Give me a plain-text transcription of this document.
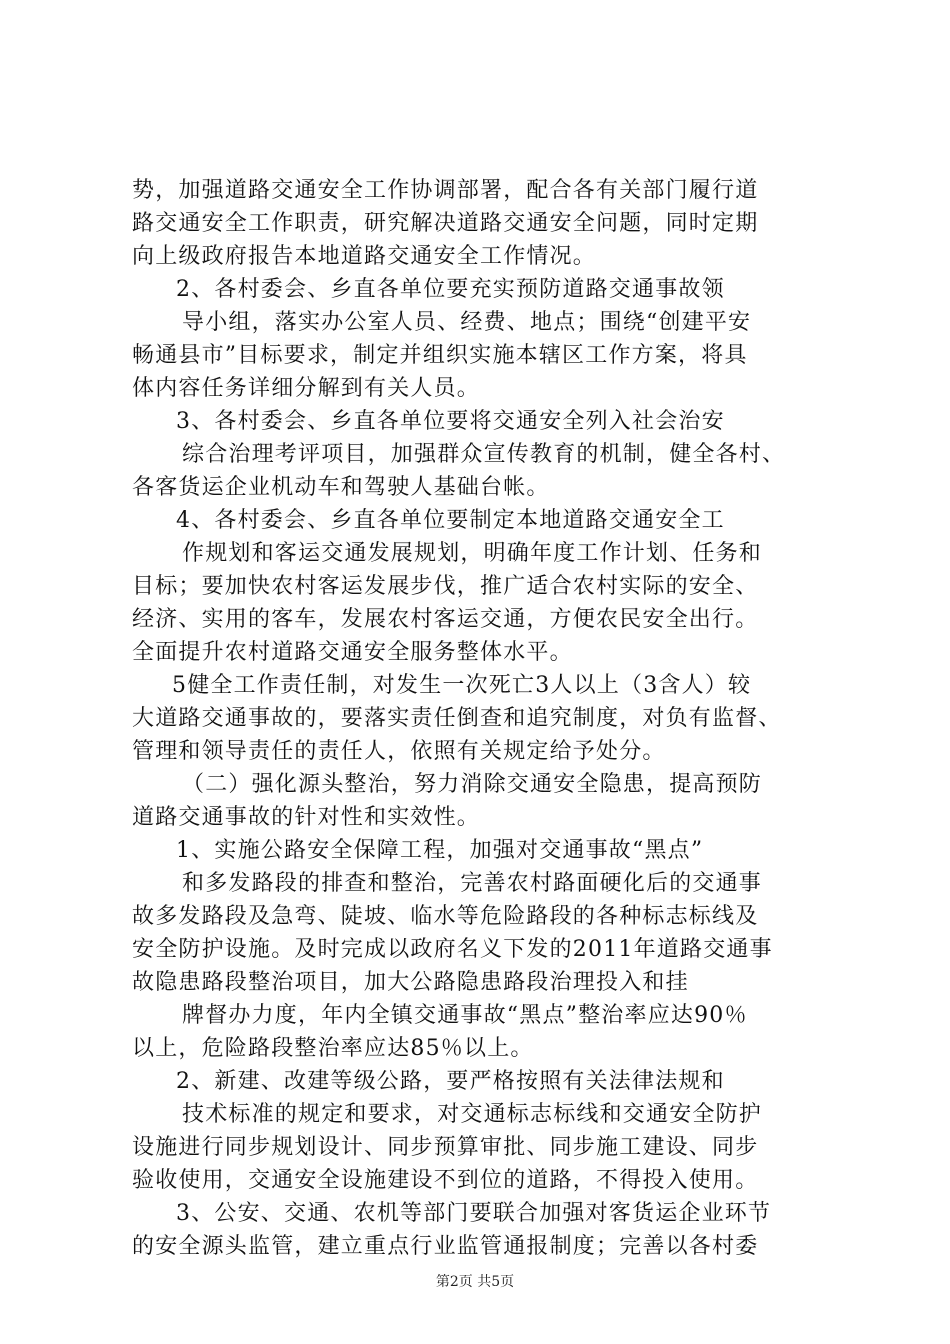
势，加强道路交通安全工作协调部署，配合各有关部门履行道
路交通安全工作职责，研究解决道路交通安全问题，同时定期
向上级政府报告本地道路交通安全工作情况。
2、各村委会、乡直各单位要充实预防道路交通事故领
导小组，落实办公室人员、经费、地点；围绕“创建平安
畅通县市”目标要求，制定并组织实施本辖区工作方案，将具
体内容任务详细分解到有关人员。
3、各村委会、乡直各单位要将交通安全列入社会治安
综合治理考评项目，加强群众宣传教育的机制，健全各村、
各客货运企业机动车和驾驶人基础台帐。
4、各村委会、乡直各单位要制定本地道路交通安全工
作规划和客运交通发展规划，明确年度工作计划、任务和
目标；要加快农村客运发展步伐，推广适合农村实际的安全、
经济、实用的客车，发展农村客运交通，方便农民安全出行。
全面提升农村道路交通安全服务整体水平。
5健全工作责任制，对发生一次死亡3人以上（3含人）较
大道路交通事故的，要落实责任倒查和追究制度，对负有监督、
管理和领导责任的责任人，依照有关规定给予处分。
（二）强化源头整治，努力消除交通安全隐患，提高预防
道路交通事故的针对性和实效性。
1、实施公路安全保障工程，加强对交通事故“黑点”
和多发路段的排查和整治，完善农村路面硬化后的交通事
故多发路段及急弯、陡坡、临水等危险路段的各种标志标线及
安全防护设施。及时完成以政府名义下发的2011年道路交通事
故隐患路段整治项目，加大公路隐患路段治理投入和挂
牌督办力度，年内全镇交通事故“黑点”整治率应达90％
以上，危险路段整治率应达85％以上。
2、新建、改建等级公路，要严格按照有关法律法规和
技术标准的规定和要求，对交通标志标线和交通安全防护
设施进行同步规划设计、同步预算审批、同步施工建设、同步
验收使用，交通安全设施建设不到位的道路，不得投入使用。
3、公安、交通、农机等部门要联合加强对客货运企业环节
的安全源头监管，建立重点行业监管通报制度；完善以各村委
第2页 共5页
